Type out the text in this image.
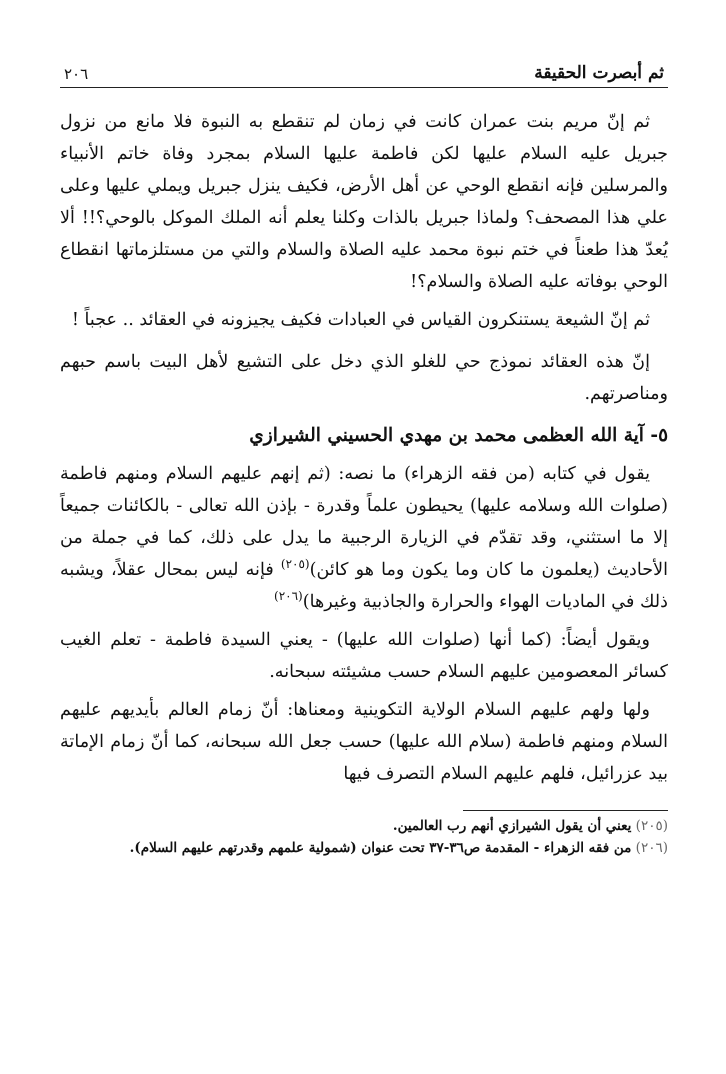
ثم أبصرت الحقيقة
٢٠٦

ثم إنّ مريم بنت عمران كانت في زمان لم تنقطع به النبوة فلا مانع من نزول جبريل عليه السلام عليها لكن فاطمة عليها السلام بمجرد وفاة خاتم الأنبياء والمرسلين فإنه انقطع الوحي عن أهل الأرض، فكيف ينزل جبريل ويملي عليها وعلى علي هذا المصحف؟ ولماذا جبريل بالذات وكلنا يعلم أنه الملك الموكل بالوحي؟!! ألا يُعدّ هذا طعناً في ختم نبوة محمد عليه الصلاة والسلام والتي من مستلزماتها انقطاع الوحي بوفاته عليه الصلاة والسلام؟!

ثم إنّ الشيعة يستنكرون القياس في العبادات فكيف يجيزونه في العقائد .. عجباً !

إنّ هذه العقائد نموذج حي للغلو الذي دخل على التشيع لأهل البيت باسم حبهم ومناصرتهم.

٥- آية الله العظمى محمد بن مهدي الحسيني الشيرازي

يقول في كتابه (من فقه الزهراء) ما نصه: (ثم إنهم عليهم السلام ومنهم فاطمة (صلوات الله وسلامه عليها) يحيطون علماً وقدرة - بإذن الله تعالى - بالكائنات جميعاً إلا ما استثني، وقد تقدّم في الزيارة الرجبية ما يدل على ذلك، كما في جملة من الأحاديث (يعلمون ما كان وما يكون وما هو كائن)$^{(٢٠٥)}$ فإنه ليس بمحال عقلاً، ويشبه ذلك في الماديات الهواء والحرارة والجاذبية وغيرها)$^{(٢٠٦)}$

ويقول أيضاً: (كما أنها (صلوات الله عليها) - يعني السيدة فاطمة - تعلم الغيب كسائر المعصومين عليهم السلام حسب مشيئته سبحانه.

ولها ولهم عليهم السلام الولاية التكوينية ومعناها: أنّ زمام العالم بأيديهم عليهم السلام ومنهم فاطمة (سلام الله عليها) حسب جعل الله سبحانه، كما أنّ زمام الإماتة بيد عزرائيل، فلهم عليهم السلام التصرف فيها

(٢٠٥) يعني أن يقول الشيرازي أنهم رب العالمين.
(٢٠٦) من فقه الزهراء - المقدمة ص٣٦-٣٧ تحت عنوان (شمولية علمهم وقدرتهم عليهم السلام).
